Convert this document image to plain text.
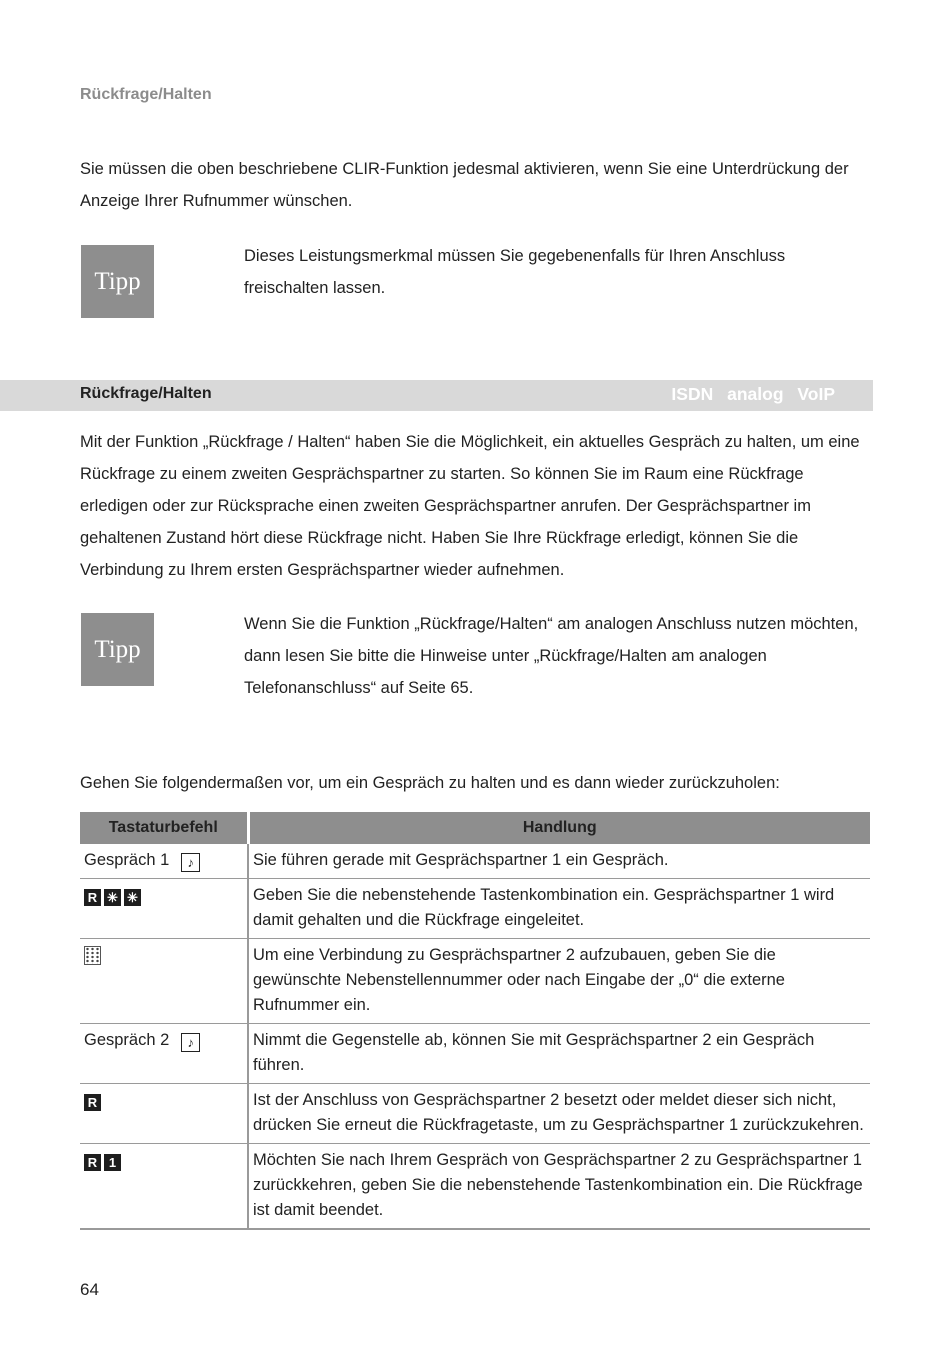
Rückfrage/Halten
Sie müssen die oben beschriebene CLIR-Funktion jedesmal aktivieren, wenn Sie eine Unterdrückung der Anzeige Ihrer Rufnummer wünschen.
Tipp
Dieses Leistungsmerkmal müssen Sie gegebenenfalls für Ihren Anschluss freischalten lassen.
Rückfrage/Halten	ISDN analog VoIP
Mit der Funktion „Rückfrage / Halten“ haben Sie die Möglichkeit, ein aktuelles Gespräch zu halten, um eine Rückfrage zu einem zweiten Gesprächspartner zu starten. So können Sie im Raum eine Rückfrage erledigen oder zur Rücksprache einen zweiten Gesprächspartner anrufen. Der Gesprächspartner im gehaltenen Zustand hört diese Rückfrage nicht. Haben Sie Ihre Rückfrage erledigt, können Sie die Verbindung zu Ihrem ersten Gesprächspartner wieder aufnehmen.
Tipp
Wenn Sie die Funktion „Rückfrage/Halten“ am analogen Anschluss nutzen möchten, dann lesen Sie bitte die Hinweise unter „Rückfrage/Halten am analogen Telefonanschluss“ auf Seite 65.
Gehen Sie folgendermaßen vor, um ein Gespräch zu halten und es dann wieder zurückzuholen:
Tastaturbefehl	Handlung
Gespräch 1 ♪	Sie führen gerade mit Gesprächspartner 1 ein Gespräch.
R ✳ ✳	Geben Sie die nebenstehende Tastenkombination ein. Gesprächspartner 1 wird damit gehalten und die Rückfrage eingeleitet.
	Um eine Verbindung zu Gesprächspartner 2 aufzubauen, geben Sie die gewünschte Nebenstellennummer oder nach Eingabe der „0“ die externe Rufnummer ein.
Gespräch 2 ♪	Nimmt die Gegenstelle ab, können Sie mit Gesprächspartner 2 ein Gespräch führen.
R	Ist der Anschluss von Gesprächspartner 2 besetzt oder meldet dieser sich nicht, drücken Sie erneut die Rückfragetaste, um zu Gesprächspartner 1 zurückzukehren.
R 1	Möchten Sie nach Ihrem Gespräch von Gesprächspartner 2 zu Gesprächspartner 1 zurückkehren, geben Sie die nebenstehende Tastenkombination ein. Die Rückfrage ist damit beendet.
64
